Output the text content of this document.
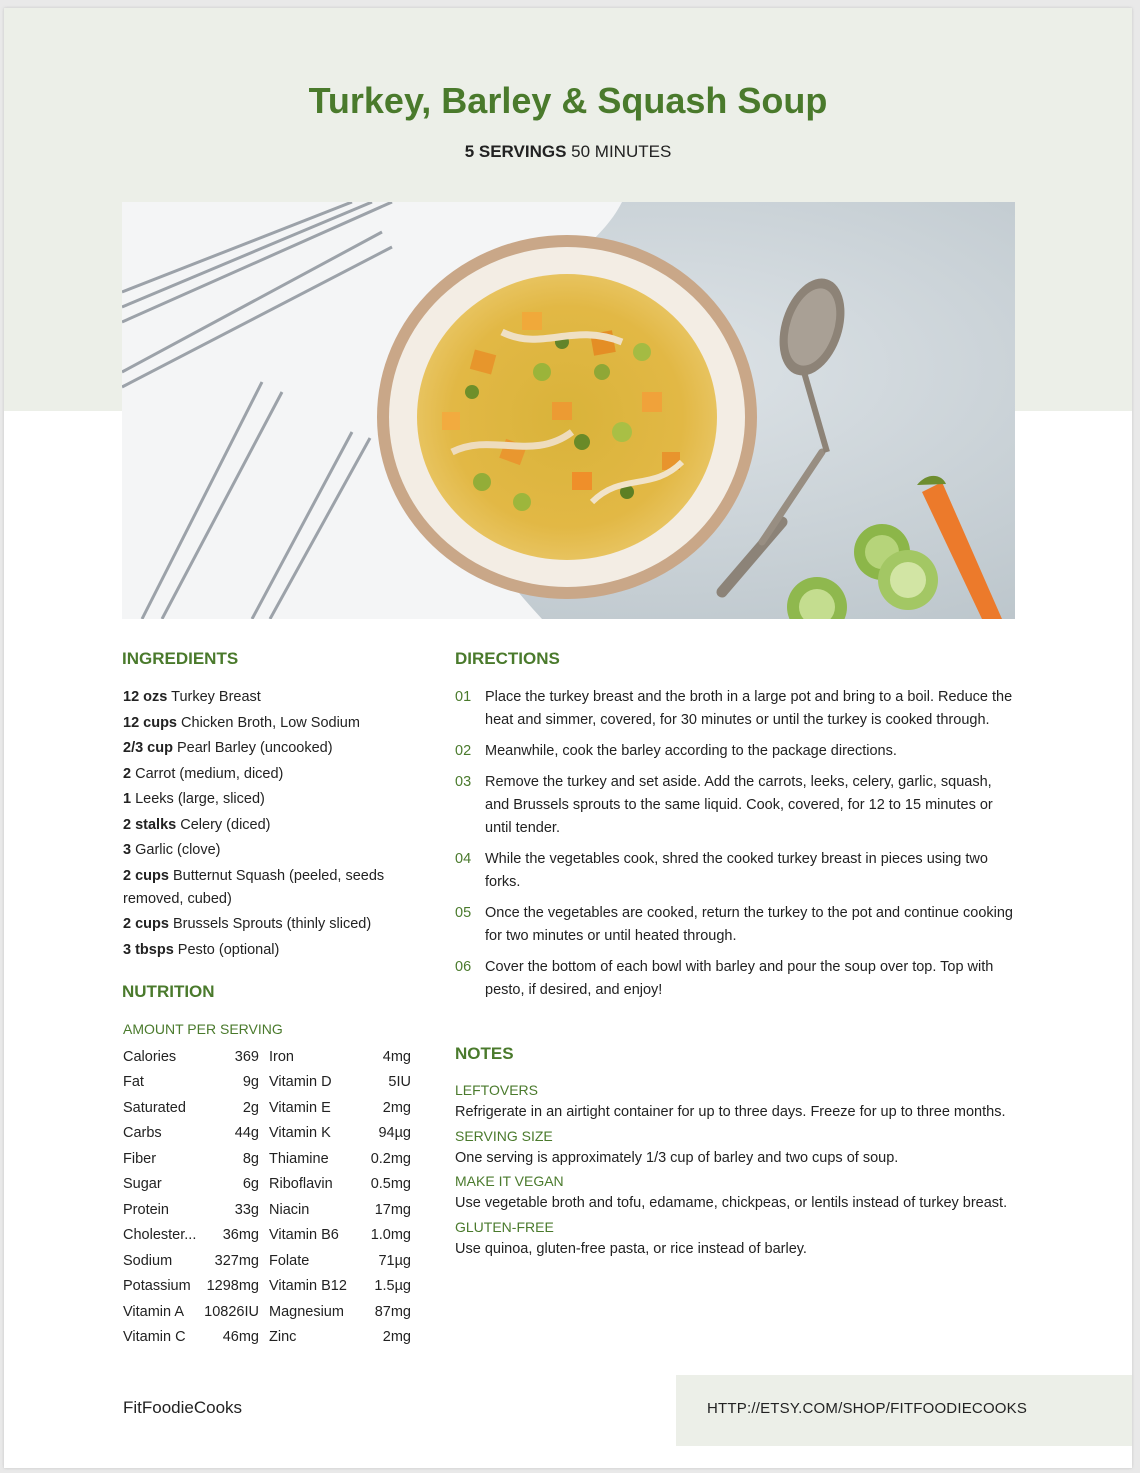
Turkey, Barley & Squash Soup
5 SERVINGS 50 MINUTES
INGREDIENTS
12 ozs Turkey Breast
12 cups Chicken Broth, Low Sodium
2/3 cup Pearl Barley (uncooked)
2 Carrot (medium, diced)
1 Leeks (large, sliced)
2 stalks Celery (diced)
3 Garlic (clove)
2 cups Butternut Squash (peeled, seeds removed, cubed)
2 cups Brussels Sprouts (thinly sliced)
3 tbsps Pesto (optional)
NUTRITION
AMOUNT PER SERVING
Calories	369	Iron	4mg
Fat	9g	Vitamin D	5IU
Saturated	2g	Vitamin E	2mg
Carbs	44g	Vitamin K	94µg
Fiber	8g	Thiamine	0.2mg
Sugar	6g	Riboflavin	0.5mg
Protein	33g	Niacin	17mg
Cholester...	36mg	Vitamin B6	1.0mg
Sodium	327mg	Folate	71µg
Potassium	1298mg	Vitamin B12	1.5µg
Vitamin A	10826IU	Magnesium	87mg
Vitamin C	46mg	Zinc	2mg
DIRECTIONS
01 Place the turkey breast and the broth in a large pot and bring to a boil. Reduce the heat and simmer, covered, for 30 minutes or until the turkey is cooked through.
02 Meanwhile, cook the barley according to the package directions.
03 Remove the turkey and set aside. Add the carrots, leeks, celery, garlic, squash, and Brussels sprouts to the same liquid. Cook, covered, for 12 to 15 minutes or until tender.
04 While the vegetables cook, shred the cooked turkey breast in pieces using two forks.
05 Once the vegetables are cooked, return the turkey to the pot and continue cooking for two minutes or until heated through.
06 Cover the bottom of each bowl with barley and pour the soup over top. Top with pesto, if desired, and enjoy!
NOTES
LEFTOVERS
Refrigerate in an airtight container for up to three days. Freeze for up to three months.
SERVING SIZE
One serving is approximately 1/3 cup of barley and two cups of soup.
MAKE IT VEGAN
Use vegetable broth and tofu, edamame, chickpeas, or lentils instead of turkey breast.
GLUTEN-FREE
Use quinoa, gluten-free pasta, or rice instead of barley.
FitFoodieCooks	HTTP://ETSY.COM/SHOP/FITFOODIECOOKS
